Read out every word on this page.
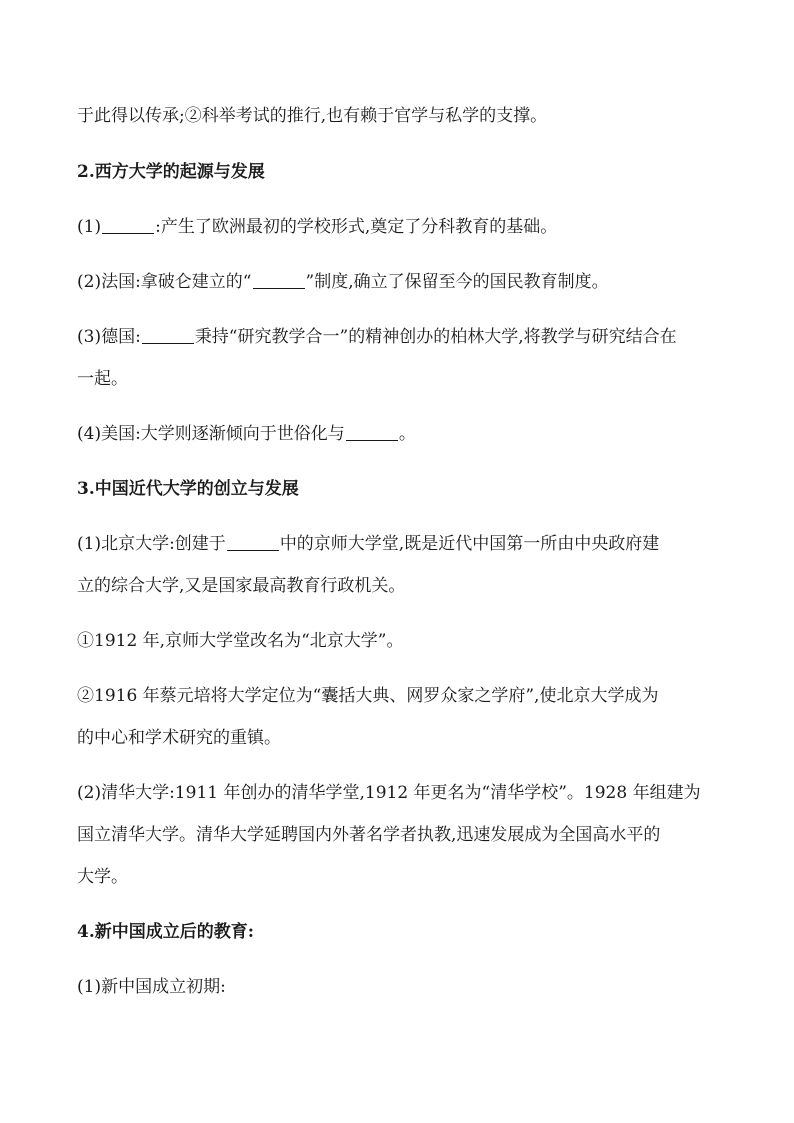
于此得以传承;②科举考试的推行,也有赖于官学与私学的支撑。
2.西方大学的起源与发展
(1)	:产生了欧洲最初的学校形式,奠定了分科教育的基础。
(2)法国:拿破仑建立的“	”制度,确立了保留至今的国民教育制度。
(3)德国:	秉持“研究教学合一”的精神创办的柏林大学,将教学与研究结合在
一起。
(4)美国:大学则逐渐倾向于世俗化与	。
3.中国近代大学的创立与发展
(1)北京大学:创建于	中的京师大学堂,既是近代中国第一所由中央政府建
立的综合大学,又是国家最高教育行政机关。
①1912 年,京师大学堂改名为“北京大学”。
②1916 年蔡元培将大学定位为“囊括大典、网罗众家之学府”,使北京大学成为
的中心和学术研究的重镇。
(2)清华大学:1911 年创办的清华学堂,1912 年更名为“清华学校”。1928 年组建为
国立清华大学。清华大学延聘国内外著名学者执教,迅速发展成为全国高水平的
大学。
4.新中国成立后的教育:
(1)新中国成立初期:
